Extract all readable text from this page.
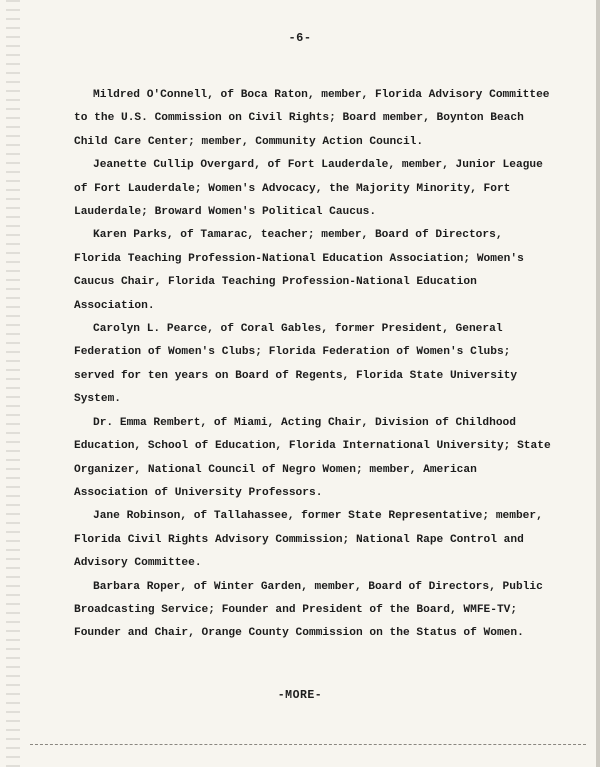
-6-

Mildred O'Connell, of Boca Raton, member, Florida Advisory Committee to the U.S. Commission on Civil Rights; Board member, Boynton Beach Child Care Center; member, Community Action Council.

Jeanette Cullip Overgard, of Fort Lauderdale, member, Junior League of Fort Lauderdale; Women's Advocacy, the Majority Minority, Fort Lauderdale; Broward Women's Political Caucus.

Karen Parks, of Tamarac, teacher; member, Board of Directors, Florida Teaching Profession-National Education Association; Women's Caucus Chair, Florida Teaching Profession-National Education Association.

Carolyn L. Pearce, of Coral Gables, former President, General Federation of Women's Clubs; Florida Federation of Women's Clubs; served for ten years on Board of Regents, Florida State University System.

Dr. Emma Rembert, of Miami, Acting Chair, Division of Childhood Education, School of Education, Florida International University; State Organizer, National Council of Negro Women; member, American Association of University Professors.

Jane Robinson, of Tallahassee, former State Representative; member, Florida Civil Rights Advisory Commission; National Rape Control and Advisory Committee.

Barbara Roper, of Winter Garden, member, Board of Directors, Public Broadcasting Service; Founder and President of the Board, WMFE-TV; Founder and Chair, Orange County Commission on the Status of Women.

-MORE-
